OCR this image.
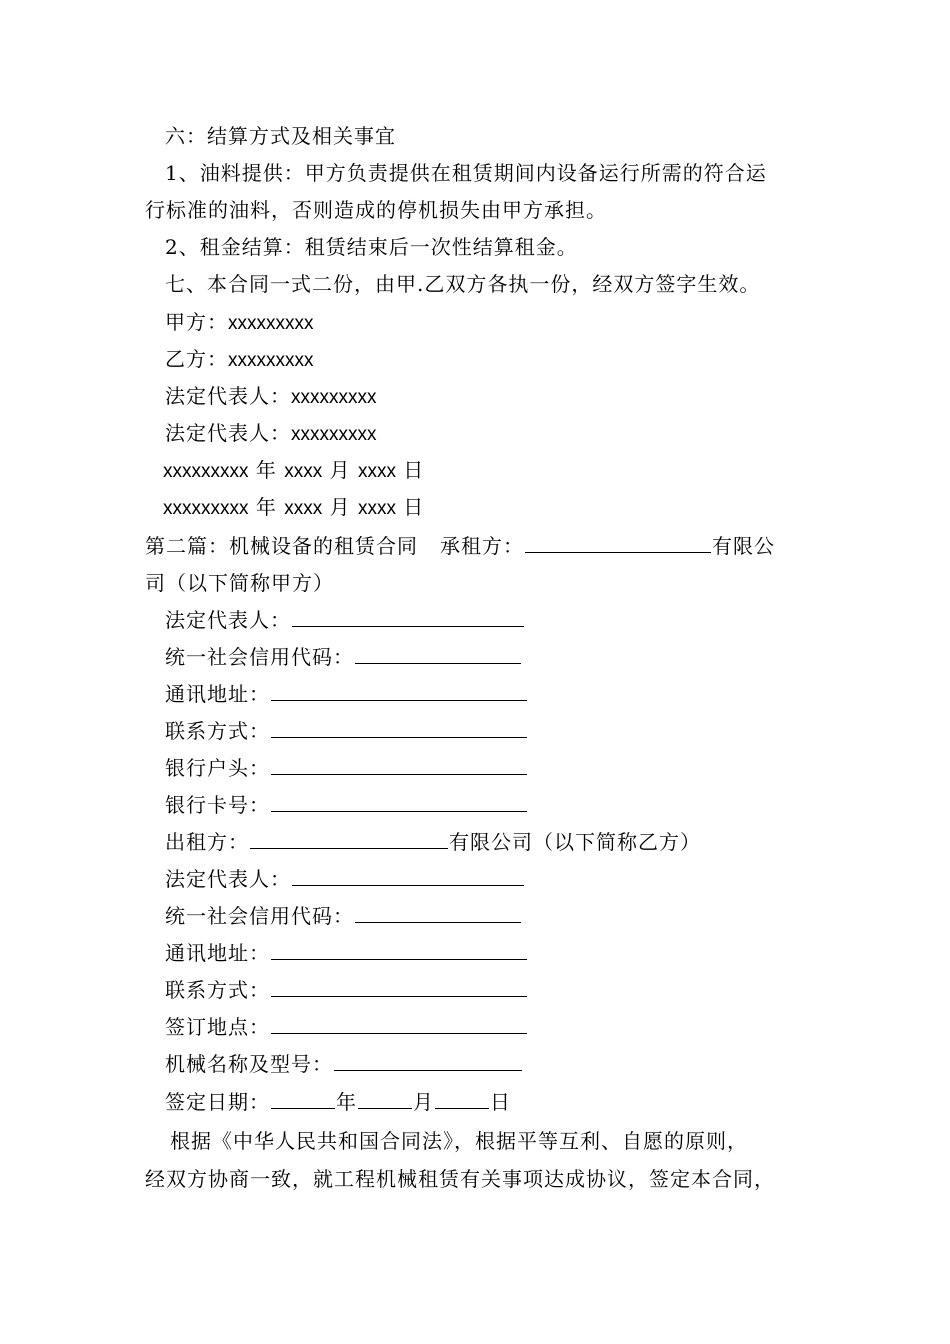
六：结算方式及相关事宜
1、油料提供：甲方负责提供在租赁期间内设备运行所需的符合运
行标准的油料，否则造成的停机损失由甲方承担。
2、租金结算：租赁结束后一次性结算租金。
七、本合同一式二份，由甲.乙双方各执一份，经双方签字生效。
甲方：xxxxxxxxx
乙方：xxxxxxxxx
法定代表人：xxxxxxxxx
法定代表人：xxxxxxxxx
xxxxxxxxx 年 xxxx 月 xxxx 日
xxxxxxxxx 年 xxxx 月 xxxx 日
第二篇：机械设备的租赁合同 承租方：	有限公
司（以下简称甲方）
法定代表人：
统一社会信用代码：
通讯地址：
联系方式：
银行户头：
银行卡号：
出租方：	有限公司（以下简称乙方）
法定代表人：
统一社会信用代码：
通讯地址：
联系方式：
签订地点：
机械名称及型号：
签定日期：	年	月	日
根据《中华人民共和国合同法》，根据平等互利、自愿的原则，
经双方协商一致，就工程机械租赁有关事项达成协议，签定本合同，
